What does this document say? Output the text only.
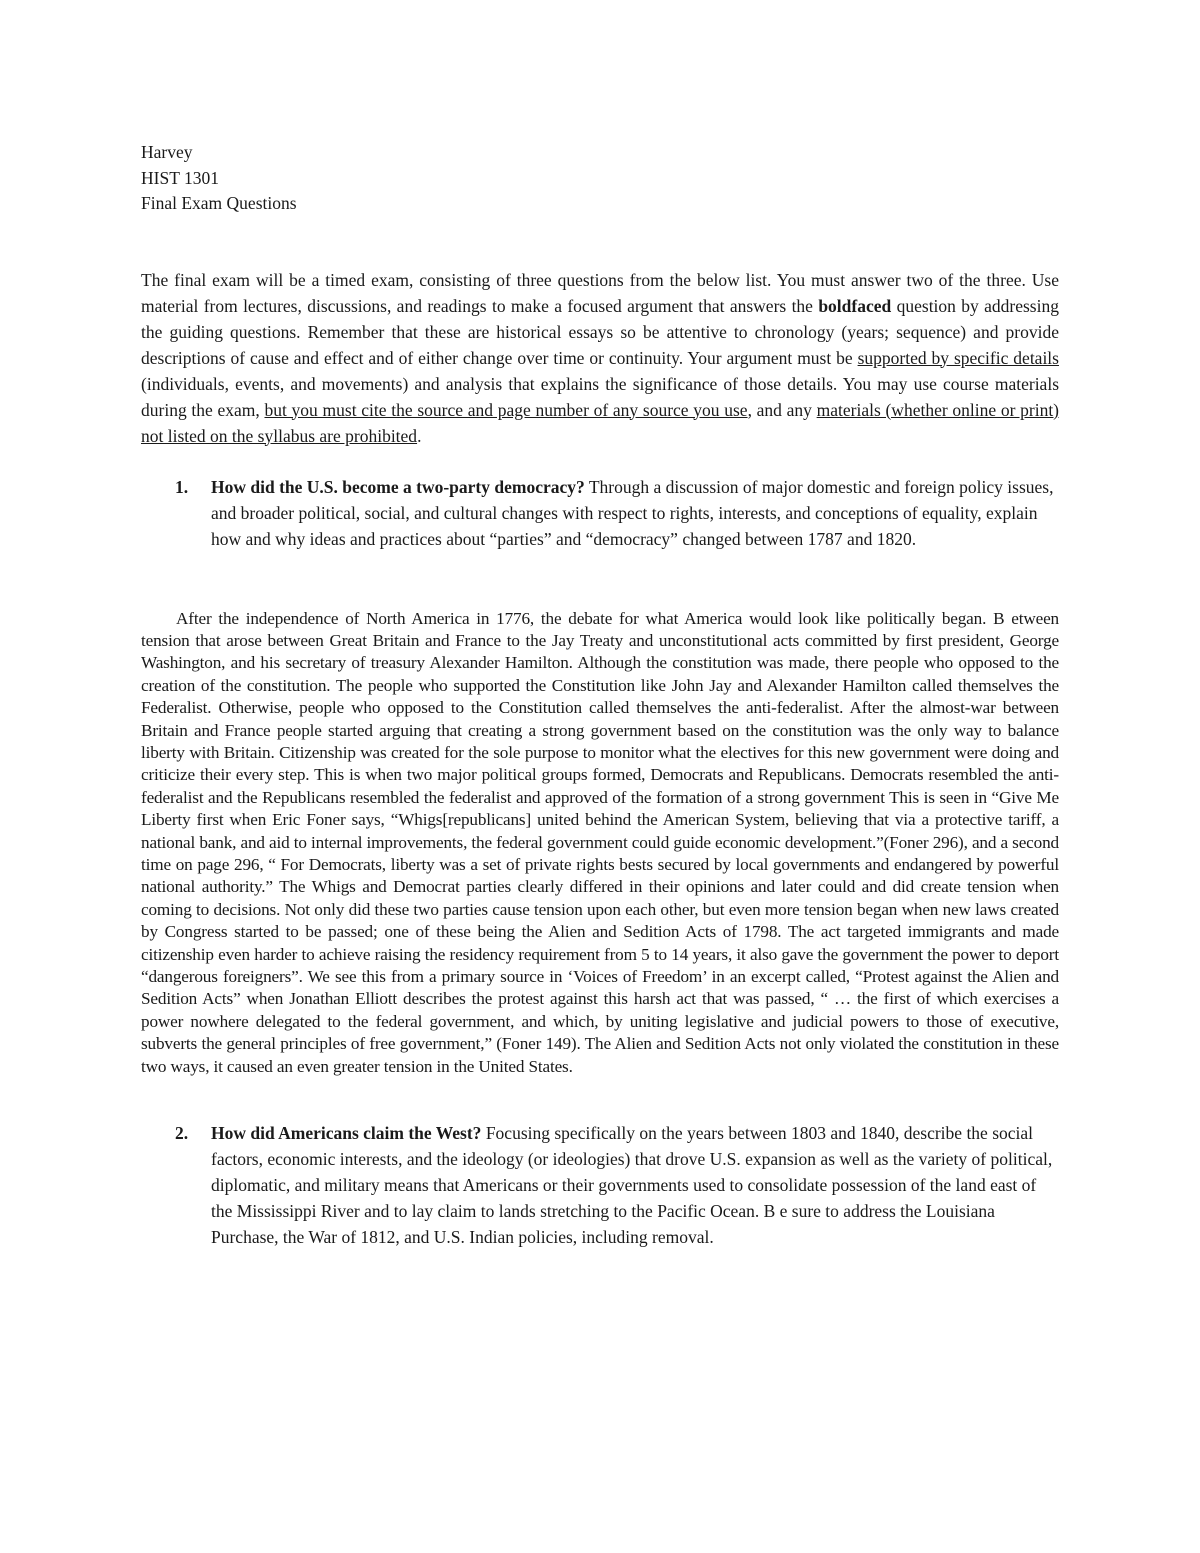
Harvey
HIST 1301
Final Exam Questions

The final exam will be a timed exam, consisting of three questions from the below list. You must answer two of the three. Use material from lectures, discussions, and readings to make a focused argument that answers the boldfaced question by addressing the guiding questions. Remember that these are historical essays so be attentive to chronology (years; sequence) and provide descriptions of cause and effect and of either change over time or continuity. Your argument must be supported by specific details (individuals, events, and movements) and analysis that explains the significance of those details. You may use course materials during the exam, but you must cite the source and page number of any source you use, and any materials (whether online or print) not listed on the syllabus are prohibited.

1. How did the U.S. become a two-party democracy? Through a discussion of major domestic and foreign policy issues, and broader political, social, and cultural changes with respect to rights, interests, and conceptions of equality, explain how and why ideas and practices about “parties” and “democracy” changed between 1787 and 1820.

After the independence of North America in 1776, the debate for what America would look like politically began. B etween tension that arose between Great Britain and France to the Jay Treaty and unconstitutional acts committed by first president, George Washington, and his secretary of treasury Alexander Hamilton. Although the constitution was made, there people who opposed to the creation of the constitution. The people who supported the Constitution like John Jay and Alexander Hamilton called themselves the Federalist. Otherwise, people who opposed to the Constitution called themselves the anti-federalist. After the almost-war between Britain and France people started arguing that creating a strong government based on the constitution was the only way to balance liberty with Britain. Citizenship was created for the sole purpose to monitor what the electives for this new government were doing and criticize their every step. This is when two major political groups formed, Democrats and Republicans. Democrats resembled the anti-federalist and the Republicans resembled the federalist and approved of the formation of a strong government This is seen in “Give Me Liberty first when Eric Foner says, “Whigs[republicans] united behind the American System, believing that via a protective tariff, a national bank, and aid to internal improvements, the federal government could guide economic development.”(Foner 296), and a second time on page 296, “ For Democrats, liberty was a set of private rights bests secured by local governments and endangered by powerful national authority.” The Whigs and Democrat parties clearly differed in their opinions and later could and did create tension when coming to decisions. Not only did these two parties cause tension upon each other, but even more tension began when new laws created by Congress started to be passed; one of these being the Alien and Sedition Acts of 1798. The act targeted immigrants and made citizenship even harder to achieve raising the residency requirement from 5 to 14 years, it also gave the government the power to deport “dangerous foreigners”. We see this from a primary source in ‘Voices of Freedom’ in an excerpt called, “Protest against the Alien and Sedition Acts” when Jonathan Elliott describes the protest against this harsh act that was passed, “ … the first of which exercises a power nowhere delegated to the federal government, and which, by uniting legislative and judicial powers to those of executive, subverts the general principles of free government,” (Foner 149). The Alien and Sedition Acts not only violated the constitution in these two ways, it caused an even greater tension in the United States.

2. How did Americans claim the West? Focusing specifically on the years between 1803 and 1840, describe the social factors, economic interests, and the ideology (or ideologies) that drove U.S. expansion as well as the variety of political, diplomatic, and military means that Americans or their governments used to consolidate possession of the land east of the Mississippi River and to lay claim to lands stretching to the Pacific Ocean. B e sure to address the Louisiana Purchase, the War of 1812, and U.S. Indian policies, including removal.
